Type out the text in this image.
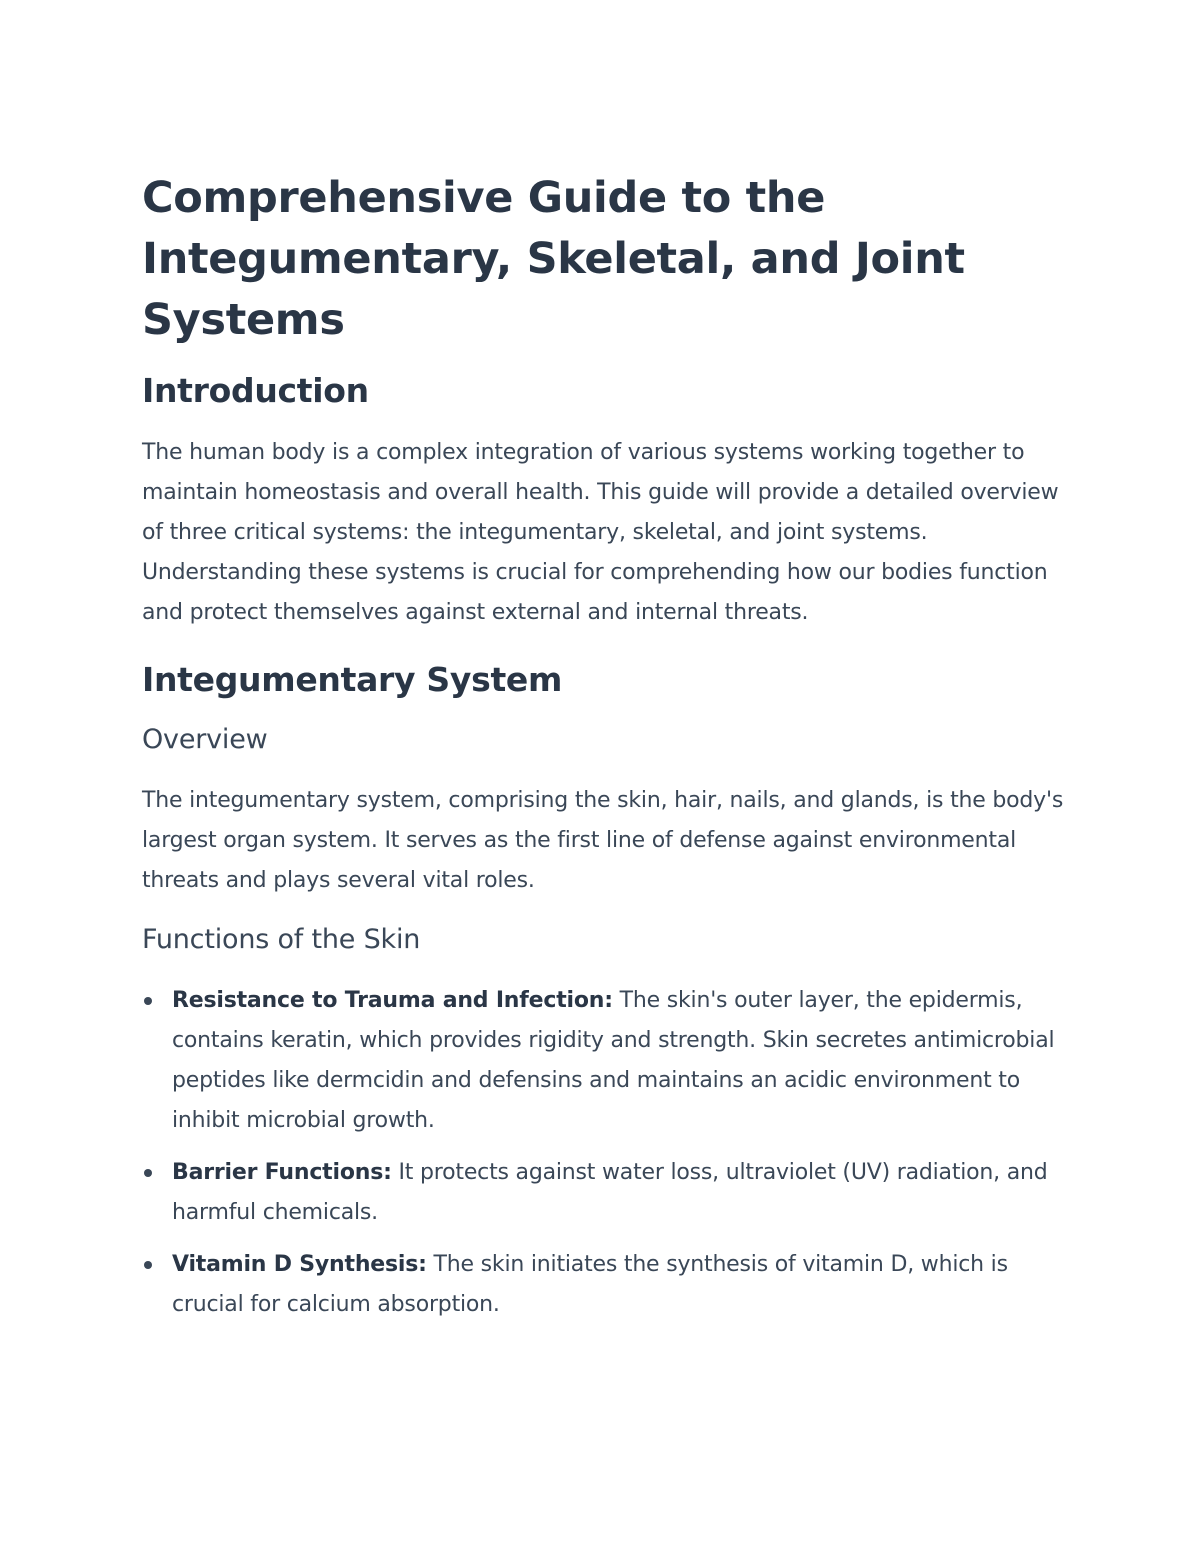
Comprehensive Guide to the Integumentary, Skeletal, and Joint Systems
Introduction

The human body is a complex integration of various systems working together to maintain homeostasis and overall health. This guide will provide a detailed overview of three critical systems: the integumentary, skeletal, and joint systems. Understanding these systems is crucial for comprehending how our bodies function and protect themselves against external and internal threats.

Integumentary System
Overview

The integumentary system, comprising the skin, hair, nails, and glands, is the body's largest organ system. It serves as the first line of defense against environmental threats and plays several vital roles.

Functions of the Skin
Resistance to Trauma and Infection: The skin's outer layer, the epidermis, contains keratin, which provides rigidity and strength. Skin secretes antimicrobial peptides like dermcidin and defensins and maintains an acidic environment to inhibit microbial growth.
Barrier Functions: It protects against water loss, ultraviolet (UV) radiation, and harmful chemicals.
Vitamin D Synthesis: The skin initiates the synthesis of vitamin D, which is crucial for calcium absorption.
